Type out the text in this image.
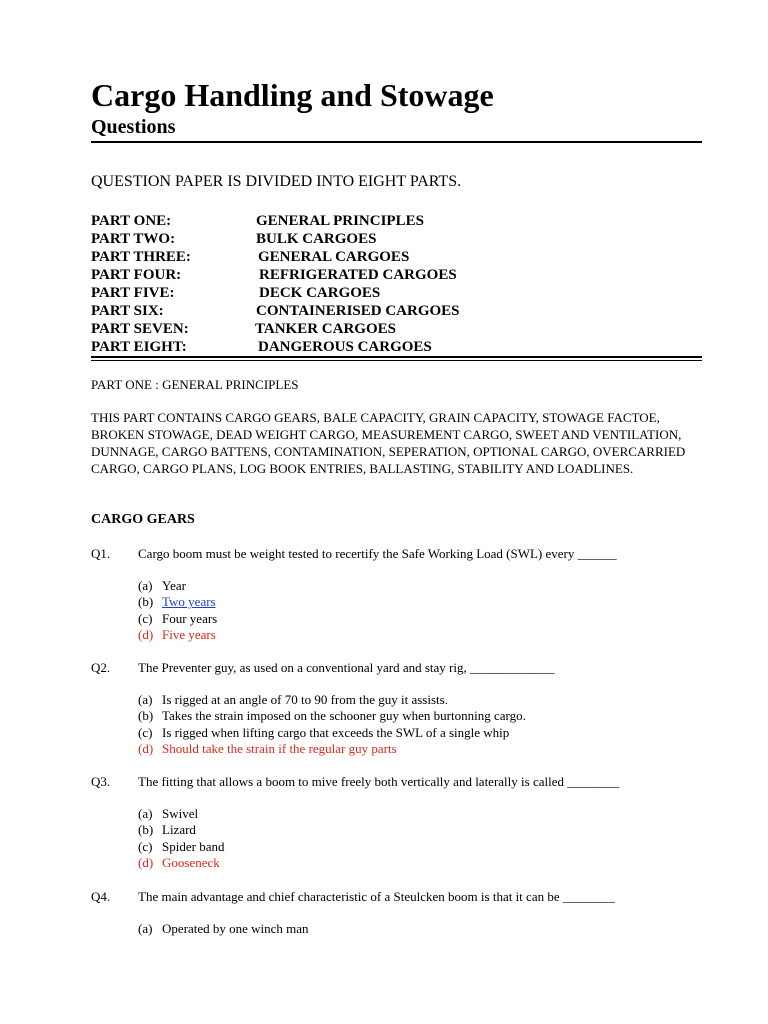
Cargo Handling and Stowage
Questions
QUESTION PAPER IS DIVIDED INTO EIGHT PARTS.
PART ONE:	GENERAL PRINCIPLES
PART TWO:	BULK CARGOES
PART THREE:	GENERAL CARGOES
PART FOUR:	REFRIGERATED CARGOES
PART FIVE:	DECK CARGOES
PART SIX:	CONTAINERISED CARGOES
PART SEVEN:	TANKER CARGOES
PART EIGHT:	DANGEROUS CARGOES
PART ONE : GENERAL PRINCIPLES
THIS PART CONTAINS CARGO GEARS, BALE CAPACITY, GRAIN CAPACITY, STOWAGE FACTOE, BROKEN STOWAGE, DEAD WEIGHT CARGO, MEASUREMENT CARGO, SWEET AND VENTILATION, DUNNAGE, CARGO BATTENS, CONTAMINATION, SEPERATION, OPTIONAL CARGO, OVERCARRIED CARGO, CARGO PLANS, LOG BOOK ENTRIES, BALLASTING, STABILITY AND LOADLINES.
CARGO GEARS
Q1. Cargo boom must be weight tested to recertify the Safe Working Load (SWL) every ______
(a) Year
(b) Two years
(c) Four years
(d) Five years
Q2. The Preventer guy, as used on a conventional yard and stay rig, _____________
(a) Is rigged at an angle of 70 to 90 from the guy it assists.
(b) Takes the strain imposed on the schooner guy when burtonning cargo.
(c) Is rigged when lifting cargo that exceeds the SWL of a single whip
(d) Should take the strain if the regular guy parts
Q3. The fitting that allows a boom to mive freely both vertically and laterally is called ________
(a) Swivel
(b) Lizard
(c) Spider band
(d) Gooseneck
Q4. The main advantage and chief characteristic of a Steulcken boom is that it can be ________
(a) Operated by one winch man
